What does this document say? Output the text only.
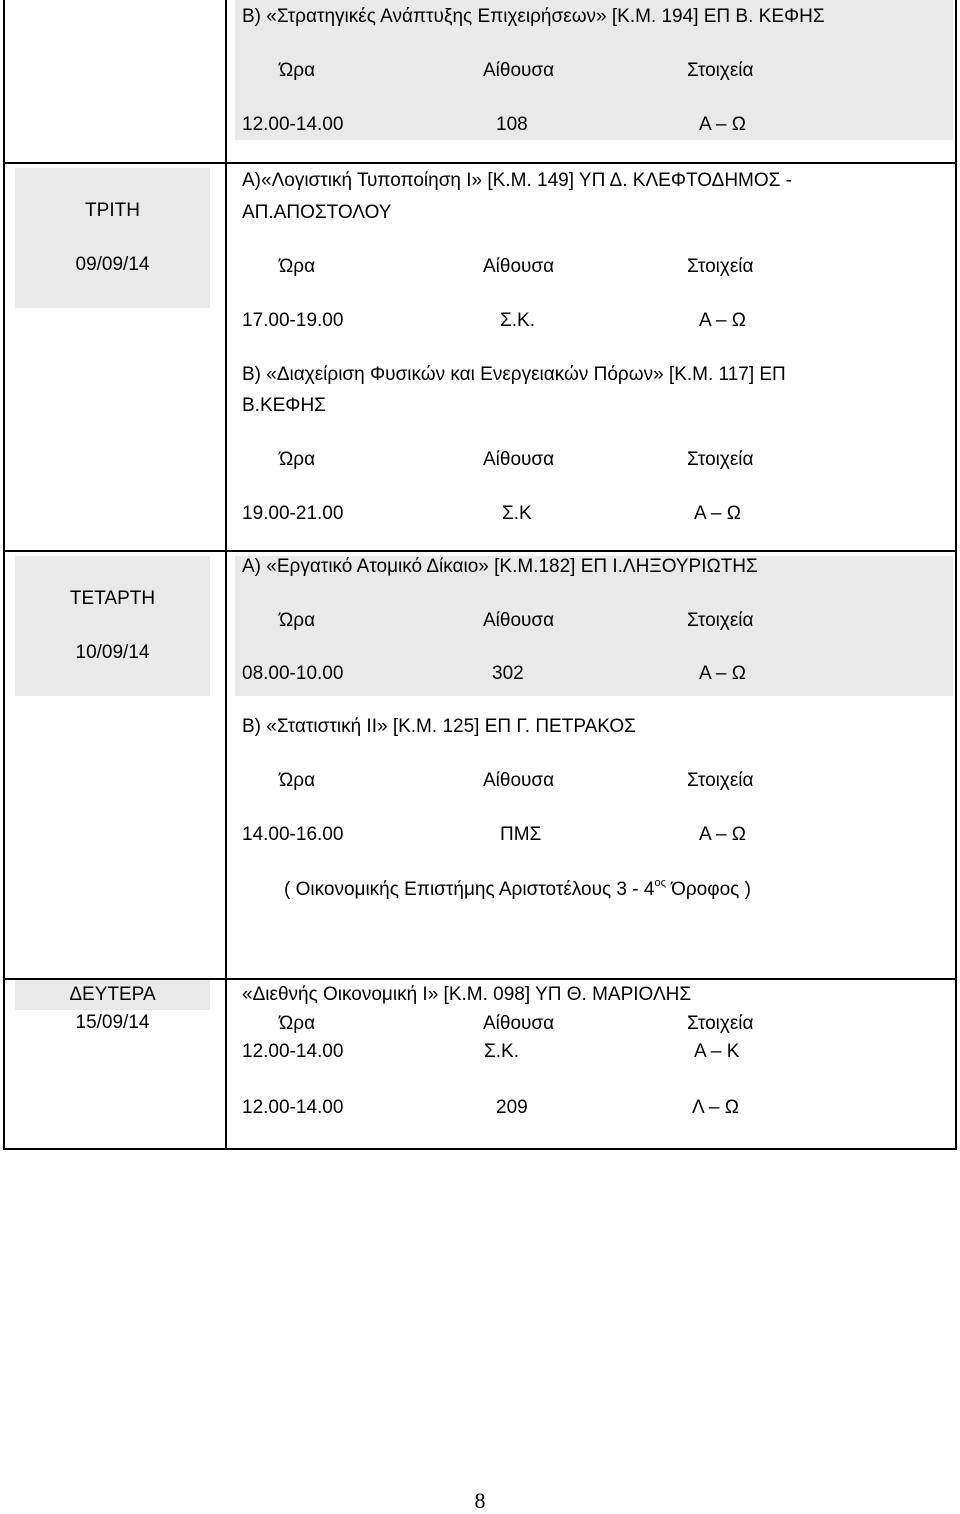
Β) «Στρατηγικές Ανάπτυξης Επιχειρήσεων» [Κ.Μ. 194] ΕΠ Β. ΚΕΦΗΣ
Ώρα	Αίθουσα	Στοιχεία
12.00-14.00	108	Α – Ω
ΤΡΙΤΗ
09/09/14
Α)«Λογιστική Τυποποίηση Ι» [Κ.Μ. 149] ΥΠ Δ. ΚΛΕΦΤΟΔΗΜΟΣ -
ΑΠ.ΑΠΟΣΤΟΛΟΥ
Ώρα	Αίθουσα	Στοιχεία
17.00-19.00	Σ.Κ.	Α – Ω
Β) «Διαχείριση Φυσικών και Ενεργειακών Πόρων» [Κ.Μ. 117] ΕΠ
Β.ΚΕΦΗΣ
Ώρα	Αίθουσα	Στοιχεία
19.00-21.00	Σ.Κ	Α – Ω
ΤΕΤΑΡΤΗ
10/09/14
Α) «Εργατικό Ατομικό Δίκαιο» [Κ.Μ.182] ΕΠ Ι.ΛΗΞΟΥΡΙΩΤΗΣ
Ώρα	Αίθουσα	Στοιχεία
08.00-10.00	302	Α – Ω
Β) «Στατιστική ΙΙ» [Κ.Μ. 125] ΕΠ Γ. ΠΕΤΡΑΚΟΣ
Ώρα	Αίθουσα	Στοιχεία
14.00-16.00	ΠΜΣ	Α – Ω
( Οικονομικής Επιστήμης Αριστοτέλους $3 - 4^{o\varsigma}$ Όροφος )
ΔΕΥΤΕΡΑ
15/09/14
«Διεθνής Οικονομική Ι» [Κ.Μ. 098] ΥΠ Θ. ΜΑΡΙΟΛΗΣ
Ώρα	Αίθουσα	Στοιχεία
12.00-14.00	Σ.Κ.	Α – Κ
12.00-14.00	209	Λ – Ω
8
